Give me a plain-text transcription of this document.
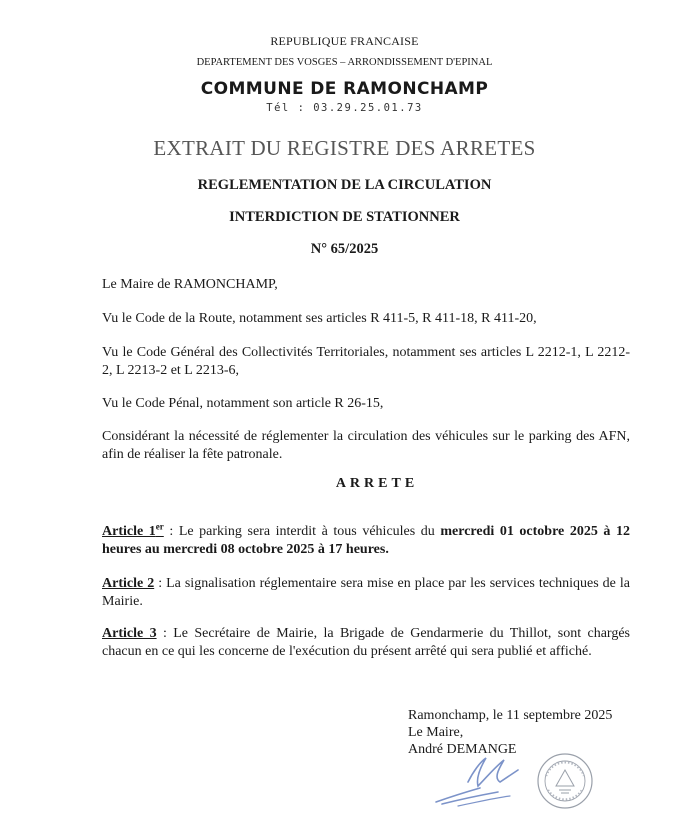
REPUBLIQUE FRANCAISE
DEPARTEMENT DES VOSGES – ARRONDISSEMENT D'EPINAL
COMMUNE DE RAMONCHAMP
Tél : 03.29.25.01.73
EXTRAIT DU REGISTRE DES ARRETES
REGLEMENTATION DE LA CIRCULATION
INTERDICTION DE STATIONNER
N° 65/2025
Le Maire de RAMONCHAMP,
Vu le Code de la Route, notamment ses articles R 411-5, R 411-18, R 411-20,
Vu le Code Général des Collectivités Territoriales, notamment ses articles L 2212-1, L 2212-2, L 2213-2 et L 2213-6,
Vu le Code Pénal, notamment son article R 26-15,
Considérant la nécessité de réglementer la circulation des véhicules sur le parking des AFN, afin de réaliser la fête patronale.
ARRETE
Article 1er : Le parking sera interdit à tous véhicules du mercredi 01 octobre 2025 à 12 heures au mercredi 08 octobre 2025 à 17 heures.
Article 2 : La signalisation réglementaire sera mise en place par les services techniques de la Mairie.
Article 3 : Le Secrétaire de Mairie, la Brigade de Gendarmerie du Thillot, sont chargés chacun en ce qui les concerne de l'exécution du présent arrêté qui sera publié et affiché.
Ramonchamp, le 11 septembre 2025
Le Maire,
André DEMANGE
